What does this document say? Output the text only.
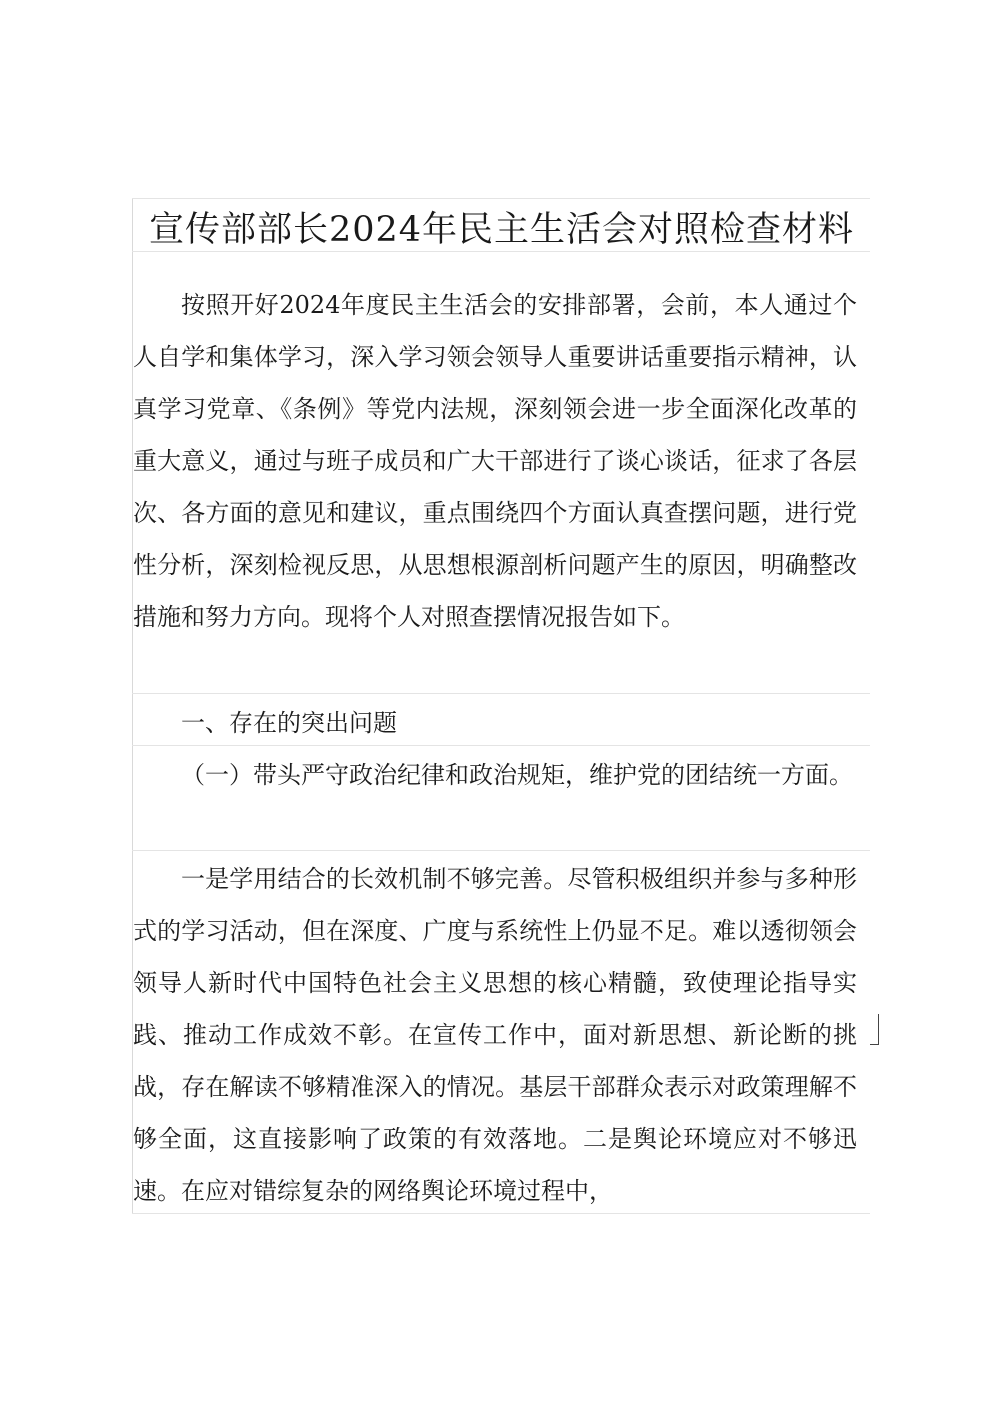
宣传部部长2024年民主生活会对照检查材料

按照开好2024年度民主生活会的安排部署，会前，本人通过个人自学和集体学习，深入学习领会领导人重要讲话重要指示精神，认真学习党章、《条例》等党内法规，深刻领会进一步全面深化改革的重大意义，通过与班子成员和广大干部进行了谈心谈话，征求了各层次、各方面的意见和建议，重点围绕四个方面认真查摆问题，进行党性分析，深刻检视反思，从思想根源剖析问题产生的原因，明确整改措施和努力方向。现将个人对照查摆情况报告如下。

一、存在的突出问题

（一）带头严守政治纪律和政治规矩，维护党的团结统一方面。

一是学用结合的长效机制不够完善。尽管积极组织并参与多种形式的学习活动，但在深度、广度与系统性上仍显不足。难以透彻领会领导人新时代中国特色社会主义思想的核心精髓，致使理论指导实践、推动工作成效不彰。在宣传工作中，面对新思想、新论断的挑战，存在解读不够精准深入的情况。基层干部群众表示对政策理解不够全面，这直接影响了政策的有效落地。二是舆论环境应对不够迅速。在应对错综复杂的网络舆论环境过程中，
